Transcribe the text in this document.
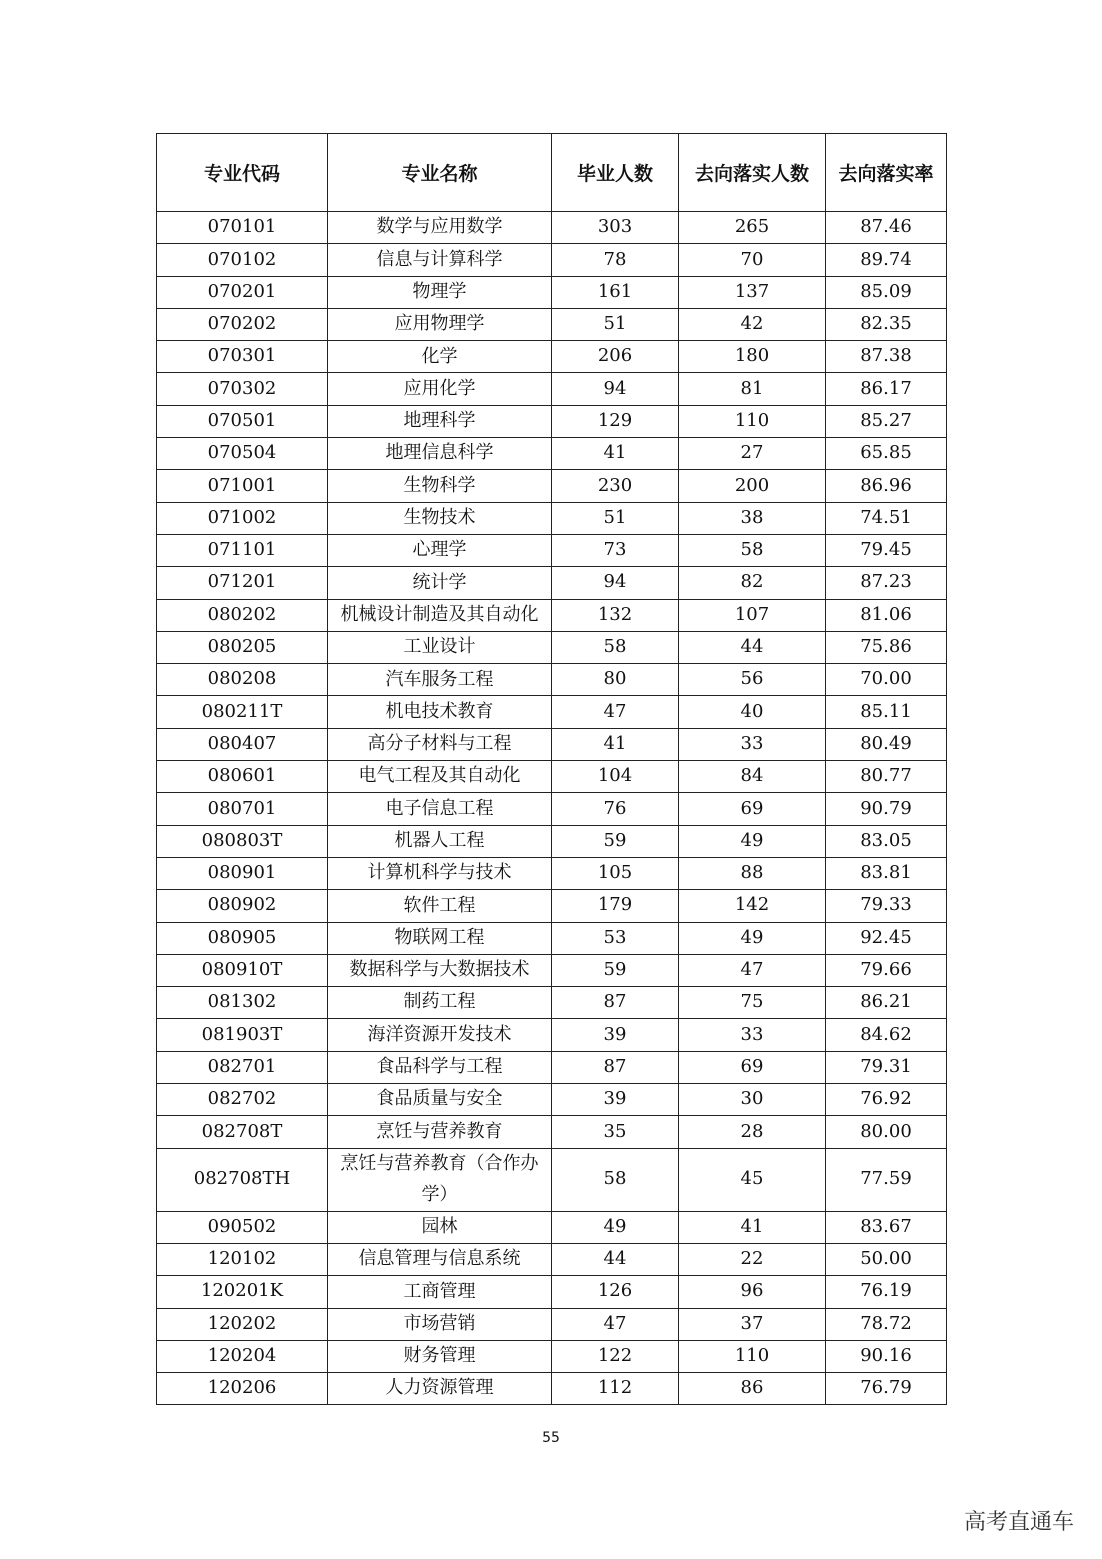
专业代码	专业名称	毕业人数	去向落实人数	去向落实率
070101	数学与应用数学	303	265	87.46
070102	信息与计算科学	78	70	89.74
070201	物理学	161	137	85.09
070202	应用物理学	51	42	82.35
070301	化学	206	180	87.38
070302	应用化学	94	81	86.17
070501	地理科学	129	110	85.27
070504	地理信息科学	41	27	65.85
071001	生物科学	230	200	86.96
071002	生物技术	51	38	74.51
071101	心理学	73	58	79.45
071201	统计学	94	82	87.23
080202	机械设计制造及其自动化	132	107	81.06
080205	工业设计	58	44	75.86
080208	汽车服务工程	80	56	70.00
080211T	机电技术教育	47	40	85.11
080407	高分子材料与工程	41	33	80.49
080601	电气工程及其自动化	104	84	80.77
080701	电子信息工程	76	69	90.79
080803T	机器人工程	59	49	83.05
080901	计算机科学与技术	105	88	83.81
080902	软件工程	179	142	79.33
080905	物联网工程	53	49	92.45
080910T	数据科学与大数据技术	59	47	79.66
081302	制药工程	87	75	86.21
081903T	海洋资源开发技术	39	33	84.62
082701	食品科学与工程	87	69	79.31
082702	食品质量与安全	39	30	76.92
082708T	烹饪与营养教育	35	28	80.00
082708TH	烹饪与营养教育（合作办学）	58	45	77.59
090502	园林	49	41	83.67
120102	信息管理与信息系统	44	22	50.00
120201K	工商管理	126	96	76.19
120202	市场营销	47	37	78.72
120204	财务管理	122	110	90.16
120206	人力资源管理	112	86	76.79
55
高考直通车
